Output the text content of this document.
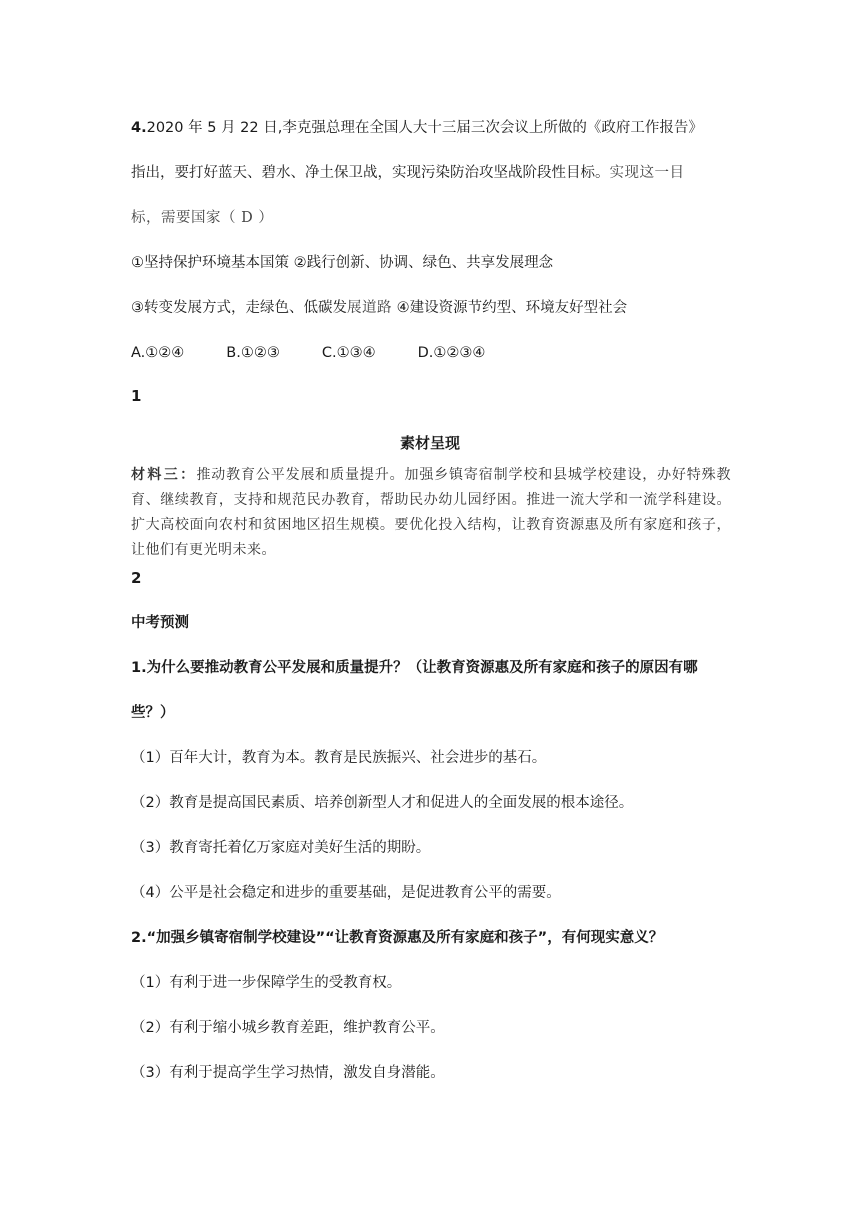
4.2020 年 5 月 22 日,李克强总理在全国人大十三届三次会议上所做的《政府工作报告》
指出，要打好蓝天、碧水、净土保卫战，实现污染防治攻坚战阶段性目标。实现这一目
标，需要国家（ D ）
①坚持保护环境基本国策 ②践行创新、协调、绿色、共享发展理念
③转变发展方式，走绿色、低碳发展道路 ④建设资源节约型、环境友好型社会
A.①②④	B.①②③	C.①③④	D.①②③④
1
素材呈现
材料三：推动教育公平发展和质量提升。加强乡镇寄宿制学校和县城学校建设，办好特殊教育、继续教育，支持和规范民办教育，帮助民办幼儿园纾困。推进一流大学和一流学科建设。扩大高校面向农村和贫困地区招生规模。要优化投入结构，让教育资源惠及所有家庭和孩子，让他们有更光明未来。
2
中考预测
1.为什么要推动教育公平发展和质量提升？（让教育资源惠及所有家庭和孩子的原因有哪
些？）
（1）百年大计，教育为本。教育是民族振兴、社会进步的基石。
（2）教育是提高国民素质、培养创新型人才和促进人的全面发展的根本途径。
（3）教育寄托着亿万家庭对美好生活的期盼。
（4）公平是社会稳定和进步的重要基础，是促进教育公平的需要。
2.“加强乡镇寄宿制学校建设”“让教育资源惠及所有家庭和孩子”，有何现实意义？
（1）有利于进一步保障学生的受教育权。
（2）有利于缩小城乡教育差距，维护教育公平。
（3）有利于提高学生学习热情，激发自身潜能。
